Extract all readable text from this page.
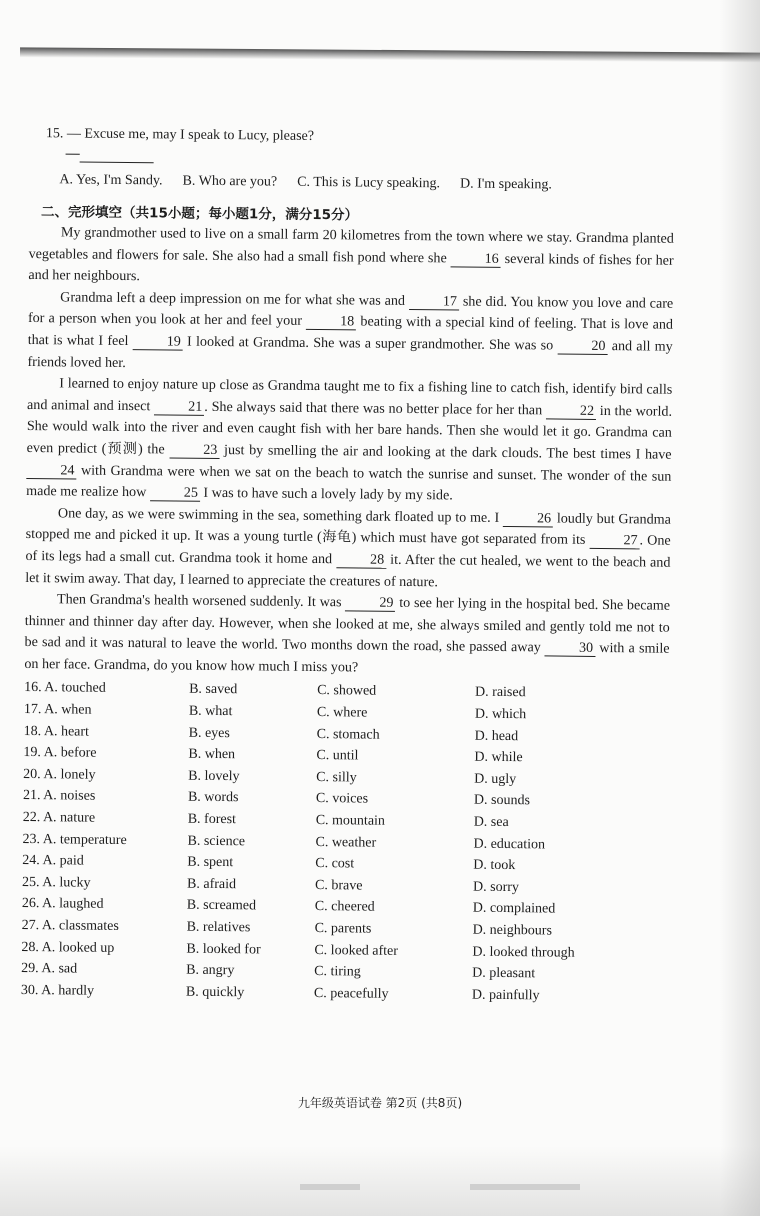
15. — Excuse me, may I speak to Lucy, please?
—
A. Yes, I'm Sandy. B. Who are you? C. This is Lucy speaking. D. I'm speaking.
二、完形填空（共15小题；每小题1分，满分15分）

My grandmother used to live on a small farm 20 kilometres from the town where we stay. Grandma planted vegetables and flowers for sale. She also had a small fish pond where she	16 several kinds of fishes for her and her neighbours.

Grandma left a deep impression on me for what she was and	17 she did. You know you love and care for a person when you look at her and feel your	18 beating with a special kind of feeling. That is love and that is what I feel	19 I looked at Grandma. She was a super grandmother. She was so	20 and all my friends loved her.

I learned to enjoy nature up close as Grandma taught me to fix a fishing line to catch fish, identify bird calls and animal and insect	21 . She always said that there was no better place for her than	22 in the world. She would walk into the river and even caught fish with her bare hands. Then she would let it go. Grandma can even predict (预测) the	23 just by smelling the air and looking at the dark clouds. The best times I have 24 with Grandma were when we sat on the beach to watch the sunrise and sunset. The wonder of the sun made me realize how	25 I was to have such a lovely lady by my side.

One day, as we were swimming in the sea, something dark floated up to me. I	26 loudly but Grandma stopped me and picked it up. It was a young turtle (海龟) which must have got separated from its	27 . One of its legs had a small cut. Grandma took it home and	28 it. After the cut healed, we went to the beach and let it swim away. That day, I learned to appreciate the creatures of nature.

Then Grandma's health worsened suddenly. It was	29 to see her lying in the hospital bed. She became thinner and thinner day after day. However, when she looked at me, she always smiled and gently told me not to be sad and it was natural to leave the world. Two months down the road, she passed away	30 with a smile on her face. Grandma, do you know how much I miss you?

16. A. touched	B. saved	C. showed	D. raised
17. A. when	B. what	C. where	D. which
18. A. heart	B. eyes	C. stomach	D. head
19. A. before	B. when	C. until	D. while
20. A. lonely	B. lovely	C. silly	D. ugly
21. A. noises	B. words	C. voices	D. sounds
22. A. nature	B. forest	C. mountain	D. sea
23. A. temperature	B. science	C. weather	D. education
24. A. paid	B. spent	C. cost	D. took
25. A. lucky	B. afraid	C. brave	D. sorry
26. A. laughed	B. screamed	C. cheered	D. complained
27. A. classmates	B. relatives	C. parents	D. neighbours
28. A. looked up	B. looked for	C. looked after	D. looked through
29. A. sad	B. angry	C. tiring	D. pleasant
30. A. hardly	B. quickly	C. peacefully	D. painfully
九年级英语试卷 第2页 (共8页)
